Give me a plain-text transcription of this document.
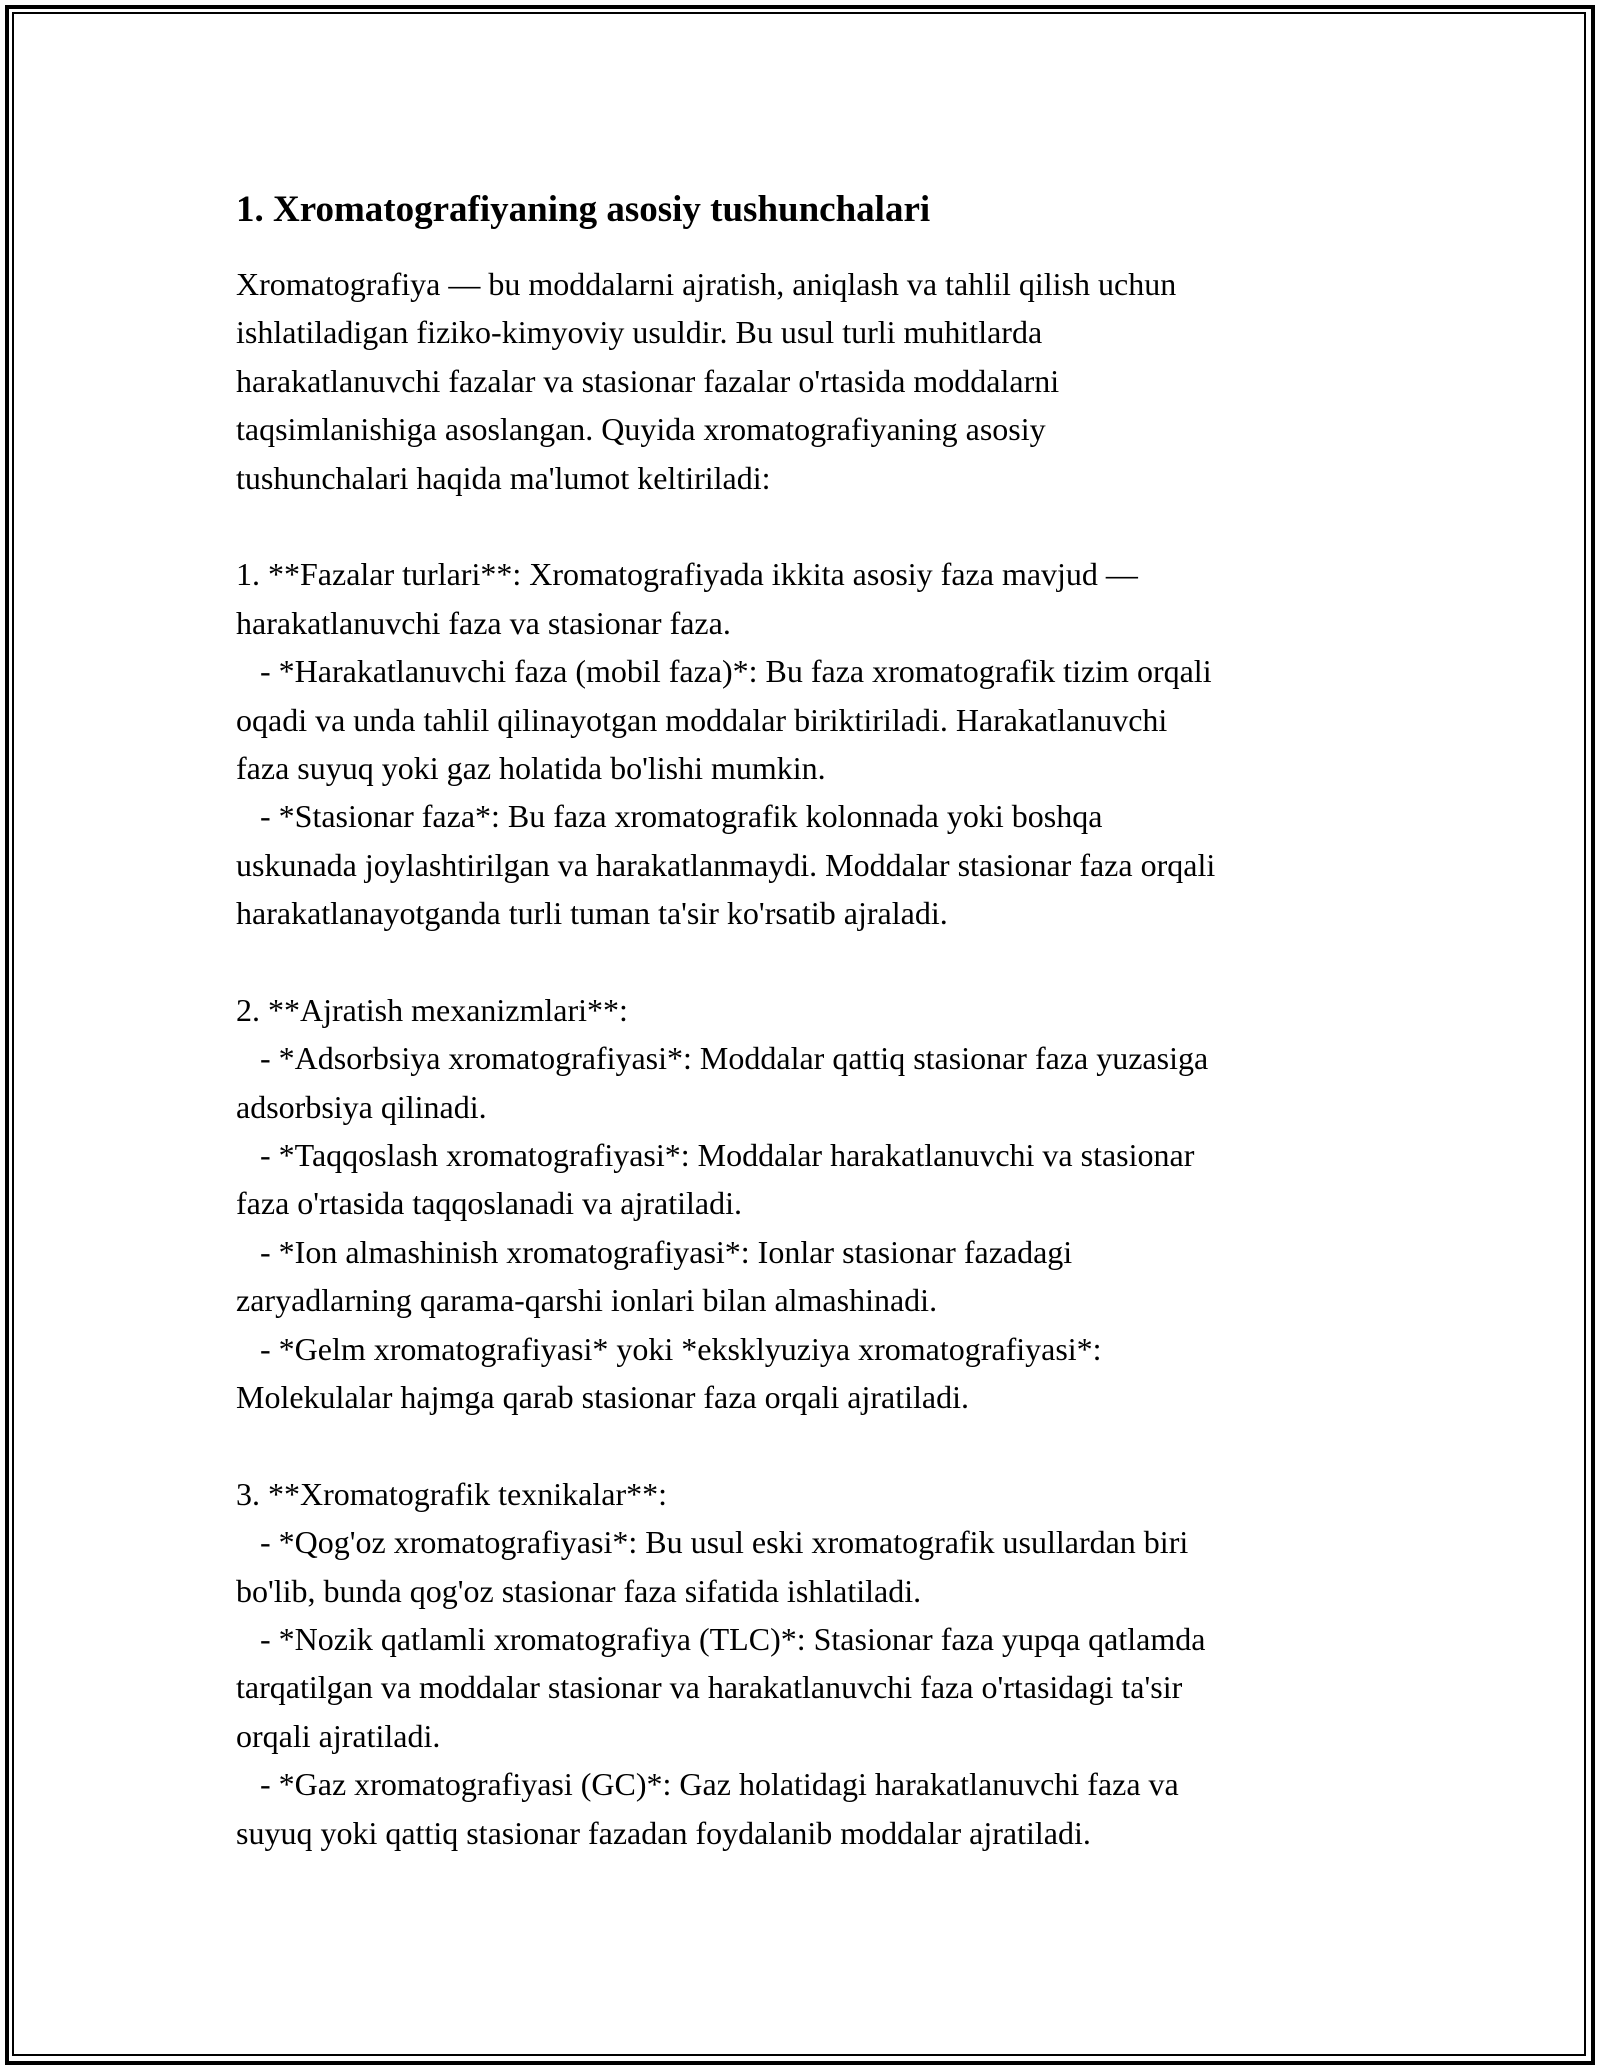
1. Xromatografiyaning asosiy tushunchalari
Xromatografiya — bu moddalarni ajratish, aniqlash va tahlil qilish uchun
ishlatiladigan fiziko-kimyoviy usuldir. Bu usul turli muhitlarda
harakatlanuvchi fazalar va stasionar fazalar o'rtasida moddalarni
taqsimlanishiga asoslangan. Quyida xromatografiyaning asosiy
tushunchalari haqida ma'lumot keltiriladi:
1. **Fazalar turlari**: Xromatografiyada ikkita asosiy faza mavjud —
harakatlanuvchi faza va stasionar faza.
- *Harakatlanuvchi faza (mobil faza)*: Bu faza xromatografik tizim orqali
oqadi va unda tahlil qilinayotgan moddalar biriktiriladi. Harakatlanuvchi
faza suyuq yoki gaz holatida bo'lishi mumkin.
- *Stasionar faza*: Bu faza xromatografik kolonnada yoki boshqa
uskunada joylashtirilgan va harakatlanmaydi. Moddalar stasionar faza orqali
harakatlanayotganda turli tuman ta'sir ko'rsatib ajraladi.
2. **Ajratish mexanizmlari**:
- *Adsorbsiya xromatografiyasi*: Moddalar qattiq stasionar faza yuzasiga
adsorbsiya qilinadi.
- *Taqqoslash xromatografiyasi*: Moddalar harakatlanuvchi va stasionar
faza o'rtasida taqqoslanadi va ajratiladi.
- *Ion almashinish xromatografiyasi*: Ionlar stasionar fazadagi
zaryadlarning qarama-qarshi ionlari bilan almashinadi.
- *Gelm xromatografiyasi* yoki *eksklyuziya xromatografiyasi*:
Molekulalar hajmga qarab stasionar faza orqali ajratiladi.
3. **Xromatografik texnikalar**:
- *Qog'oz xromatografiyasi*: Bu usul eski xromatografik usullardan biri
bo'lib, bunda qog'oz stasionar faza sifatida ishlatiladi.
- *Nozik qatlamli xromatografiya (TLC)*: Stasionar faza yupqa qatlamda
tarqatilgan va moddalar stasionar va harakatlanuvchi faza o'rtasidagi ta'sir
orqali ajratiladi.
- *Gaz xromatografiyasi (GC)*: Gaz holatidagi harakatlanuvchi faza va
suyuq yoki qattiq stasionar fazadan foydalanib moddalar ajratiladi.
